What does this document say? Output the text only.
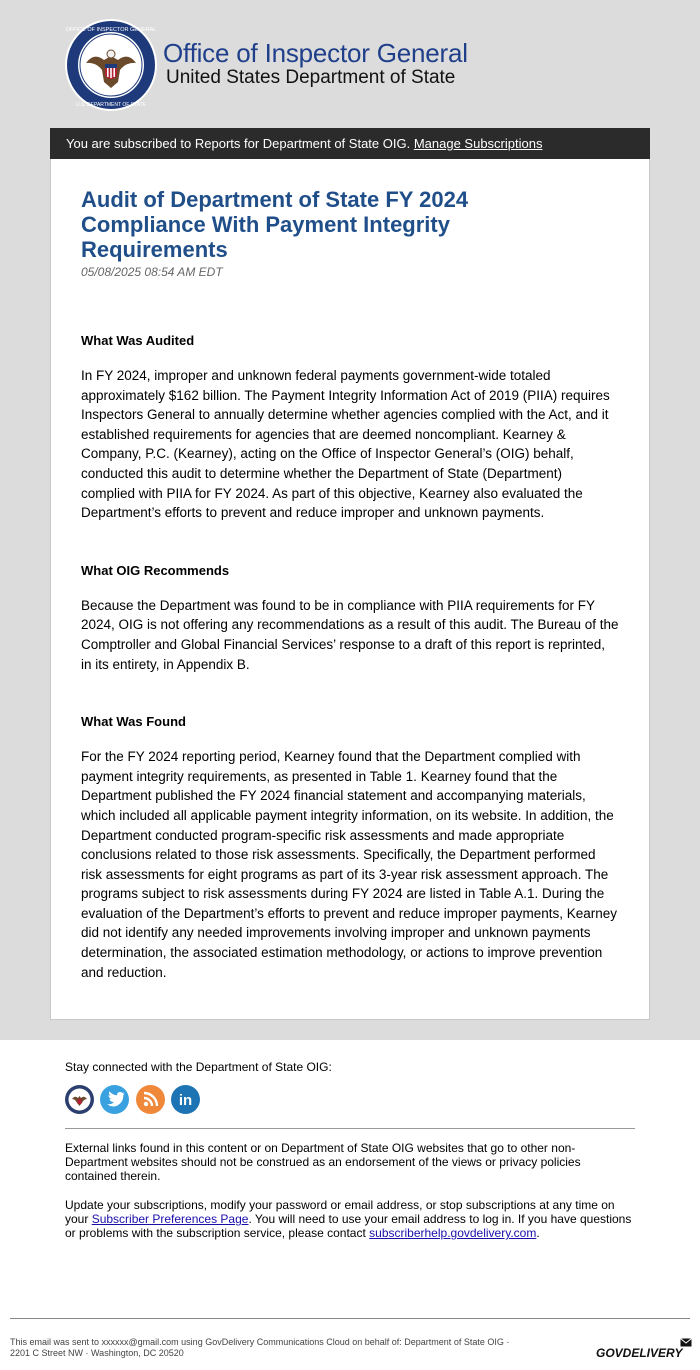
OFFICE OF INSPECTOR GENERAL
U.S. DEPARTMENT OF STATE
Office of Inspector General
United States Department of State
You are subscribed to Reports for Department of State OIG. Manage Subscriptions
Audit of Department of State FY 2024 Compliance With Payment Integrity Requirements
05/08/2025 08:54 AM EDT
What Was Audited
In FY 2024, improper and unknown federal payments government-wide totaled approximately $162 billion. The Payment Integrity Information Act of 2019 (PIIA) requires Inspectors General to annually determine whether agencies complied with the Act, and it established requirements for agencies that are deemed noncompliant. Kearney & Company, P.C. (Kearney), acting on the Office of Inspector General’s (OIG) behalf, conducted this audit to determine whether the Department of State (Department) complied with PIIA for FY 2024. As part of this objective, Kearney also evaluated the Department’s efforts to prevent and reduce improper and unknown payments.
What OIG Recommends
Because the Department was found to be in compliance with PIIA requirements for FY 2024, OIG is not offering any recommendations as a result of this audit. The Bureau of the Comptroller and Global Financial Services’ response to a draft of this report is reprinted, in its entirety, in Appendix B.
What Was Found
For the FY 2024 reporting period, Kearney found that the Department complied with payment integrity requirements, as presented in Table 1. Kearney found that the Department published the FY 2024 financial statement and accompanying materials, which included all applicable payment integrity information, on its website. In addition, the Department conducted program-specific risk assessments and made appropriate conclusions related to those risk assessments. Specifically, the Department performed risk assessments for eight programs as part of its 3-year risk assessment approach. The programs subject to risk assessments during FY 2024 are listed in Table A.1. During the evaluation of the Department’s efforts to prevent and reduce improper payments, Kearney did not identify any needed improvements involving improper and unknown payments determination, the associated estimation methodology, or actions to improve prevention and reduction.
Stay connected with the Department of State OIG:

in
External links found in this content or on Department of State OIG websites that go to other non-Department websites should not be construed as an endorsement of the views or privacy policies contained therein.
Update your subscriptions, modify your password or email address, or stop subscriptions at any time on your Subscriber Preferences Page. You will need to use your email address to log in. If you have questions or problems with the subscription service, please contact subscriberhelp.govdelivery.com.
This email was sent to xxxxxx@gmail.com using GovDelivery Communications Cloud on behalf of: Department of State OIG ·
2201 C Street NW · Washington, DC 20520	GOVDELIVERY
